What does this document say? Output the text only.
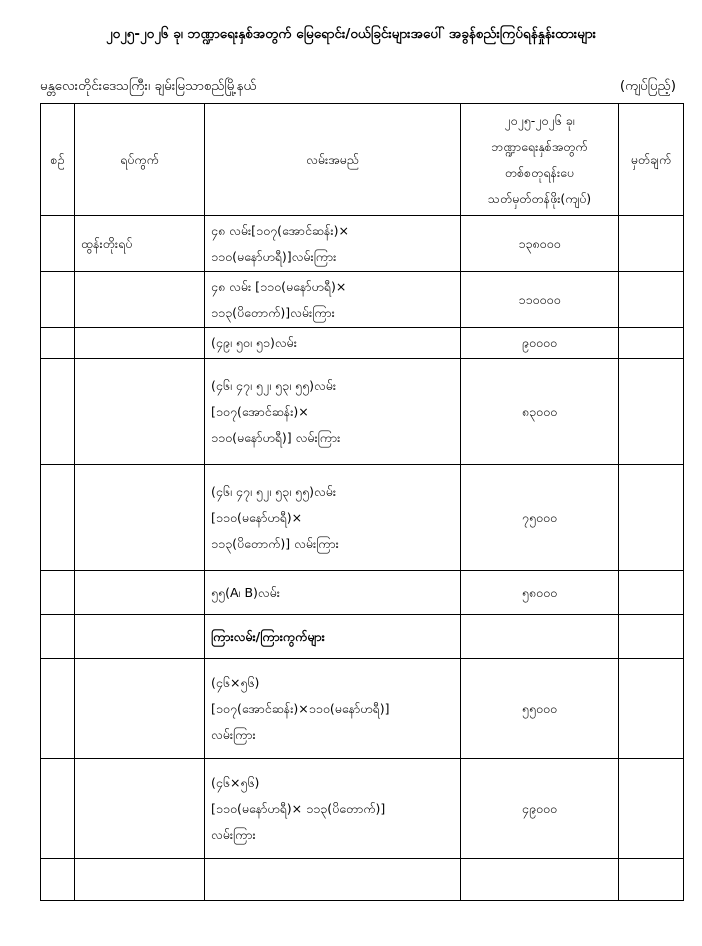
၂၀၂၅-၂၀၂၆ ခု၊ ဘဏ္ဍာရေးနှစ်အတွက် မြေရောင်း/ဝယ်ခြင်းများအပေါ် အခွန်စည်းကြပ်ရန်နှုန်းထားများ
မန္တလေးတိုင်းဒေသကြီး၊ ချမ်းမြသာစည်မြို့နယ်	(ကျပ်ပြည့်)
စဉ်	ရပ်ကွက်	လမ်းအမည်	၂၀၂၅-၂၀၂၆ ခု၊
ဘဏ္ဍာရေးနှစ်အတွက်
တစ်စတုရန်းပေ
သတ်မှတ်တန်ဖိုး(ကျပ်)	မှတ်ချက်
	ထွန်းတိုးရပ်	၄၈ လမ်း[၁၀၇(အောင်ဆန်း)×
၁၁၀(မနော်ဟရီ)]လမ်းကြား	၁၃၈၀၀၀	

		၄၈ လမ်း [၁၁၀(မနော်ဟရီ)×
၁၁၃(ပိတောက်)]လမ်းကြား	၁၁၀၀၀၀	

		(၄၉၊ ၅၀၊ ၅၁)လမ်း	၉၀၀၀၀	

		(၄၆၊ ၄၇၊ ၅၂၊ ၅၃၊ ၅၅)လမ်း
[၁၀၇(အောင်ဆန်း)×
၁၁၀(မနော်ဟရီ)] လမ်းကြား	၈၃၀၀၀	

		(၄၆၊ ၄၇၊ ၅၂၊ ၅၃၊ ၅၅)လမ်း
[၁၁၀(မနော်ဟရီ)×
၁၁၃(ပိတောက်)] လမ်းကြား	၇၅၀၀၀	

		၅၅(A၊ B)လမ်း	၅၈၀၀၀	

		ကြားလမ်း/ကြားကွက်များ		

		(၄၆×၅၆)
[၁၀၇(အောင်ဆန်း)×၁၁၀(မနော်ဟရီ)]
လမ်းကြား	၅၅၀၀၀	

		(၄၆×၅၆)
[၁၁၀(မနော်ဟရီ)× ၁၁၃(ပိတောက်)]
လမ်းကြား	၄၉၀၀၀	
